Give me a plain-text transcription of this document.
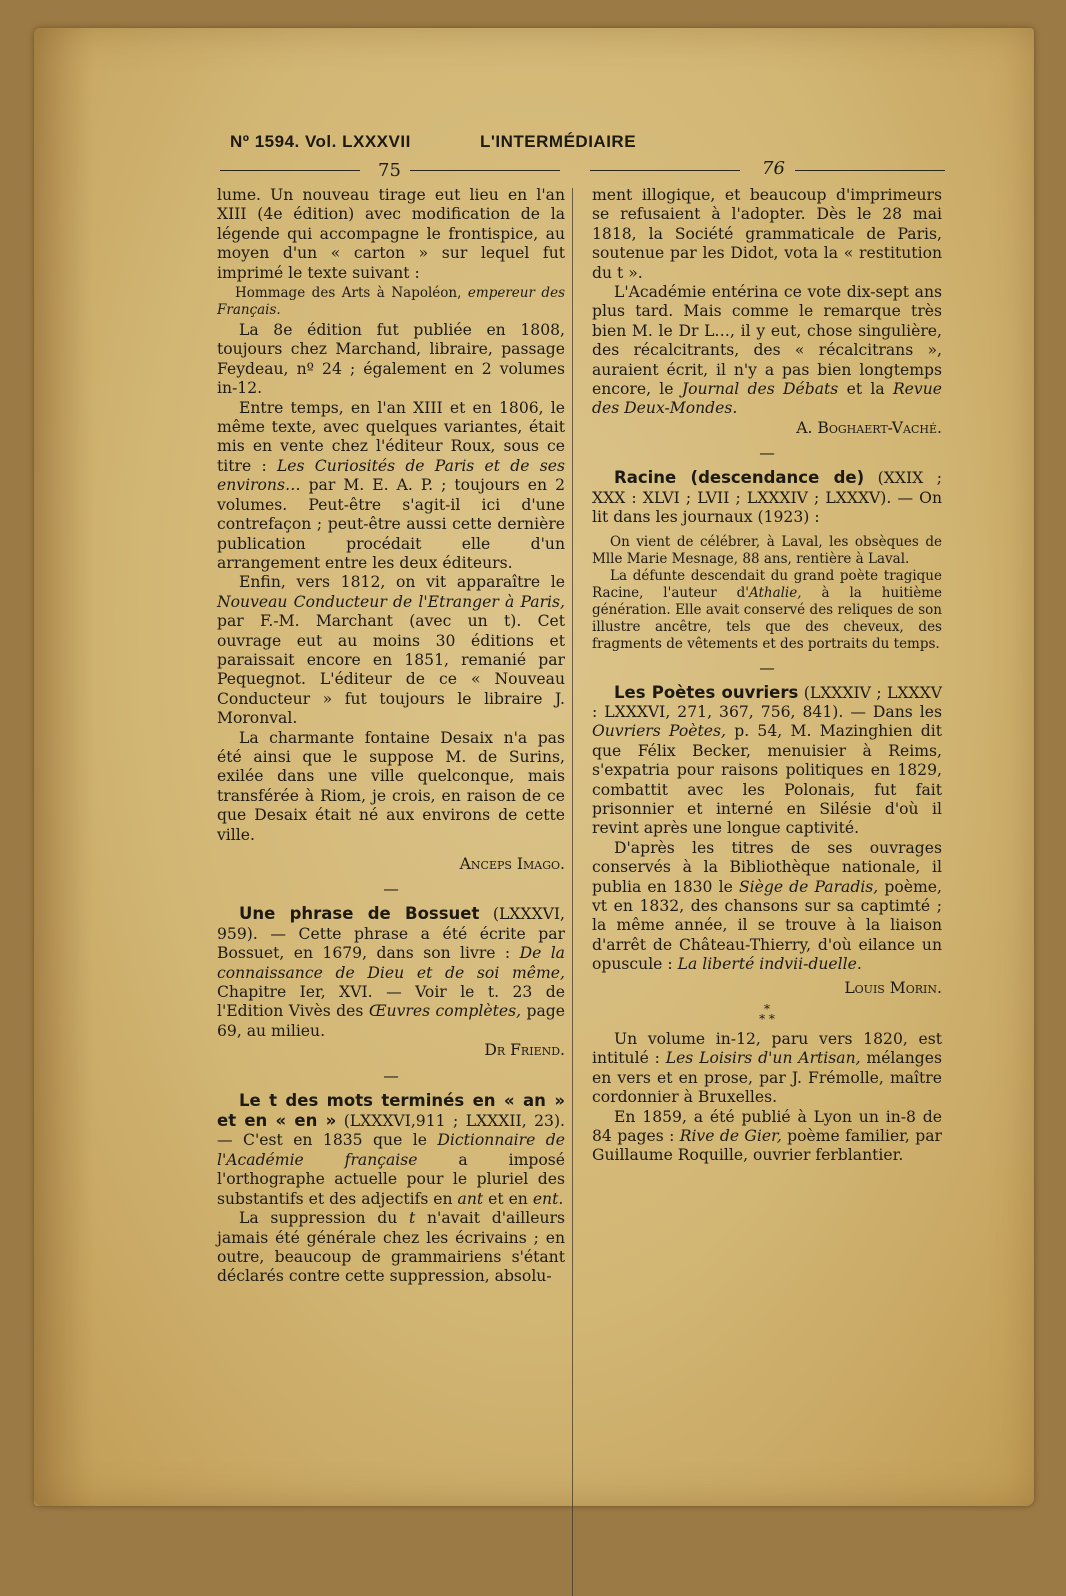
Nº 1594. Vol. LXXXVII	L'INTERMÉDIAIRE
75	76

lume. Un nouveau tirage eut lieu en l'an XIII (4e édition) avec modification de la légende qui accompagne le frontispice, au moyen d'un « carton » sur lequel fut imprimé le texte suivant :

Hommage des Arts à Napoléon, empereur des Français.

La 8e édition fut publiée en 1808, toujours chez Marchand, libraire, passage Feydeau, nº 24 ; également en 2 volumes in-12.

Entre temps, en l'an XIII et en 1806, le même texte, avec quelques variantes, était mis en vente chez l'éditeur Roux, sous ce titre : Les Curiosités de Paris et de ses environs… par M. E. A. P. ; toujours en 2 volumes. Peut-être s'agit-il ici d'une contrefaçon ; peut-être aussi cette dernière publication procédait elle d'un arrangement entre les deux éditeurs.

Enfin, vers 1812, on vit apparaître le Nouveau Conducteur de l'Etranger à Paris, par F.-M. Marchant (avec un t). Cet ouvrage eut au moins 30 éditions et paraissait encore en 1851, remanié par Pequegnot. L'éditeur de ce « Nouveau Conducteur » fut toujours le libraire J. Moronval.

La charmante fontaine Desaix n'a pas été ainsi que le suppose M. de Surins, exilée dans une ville quelconque, mais transférée à Riom, je crois, en raison de ce que Desaix était né aux environs de cette ville.

Anceps Imago.

—

Une phrase de Bossuet (LXXXVI, 959). — Cette phrase a été écrite par Bossuet, en 1679, dans son livre : De la connaissance de Dieu et de soi même, Chapitre Ier, XVI. — Voir le t. 23 de l'Edition Vivès des Œuvres complètes, page 69, au milieu.

Dr Friend.

—

Le t des mots terminés en « an » et en « en » (LXXXVI,911 ; LXXXII, 23). — C'est en 1835 que le Dictionnaire de l'Académie française	a imposé l'orthographe actuelle pour le pluriel des substantifs et des adjectifs en ant et en ent.

La suppression du t n'avait d'ailleurs jamais été générale chez les écrivains ; en outre, beaucoup de grammairiens s'étant déclarés contre cette suppression, absolu-

ment illogique, et beaucoup d'imprimeurs se refusaient à l'adopter. Dès le 28 mai 1818, la Société grammaticale de Paris, soutenue par les Didot, vota la « restitution du t ».

L'Académie entérina ce vote dix-sept ans plus tard. Mais comme le remarque très bien M. le Dr L…, il y eut, chose singulière, des récalcitrants, des « récalcitrans », auraient écrit, il n'y a pas bien longtemps encore, le Journal des Débats et la Revue des Deux-Mondes.

A. Boghaert-Vaché.

—

Racine (descendance de) (XXIX ; XXX : XLVI ; LVII ; LXXXIV ; LXXXV). — On lit dans les journaux (1923) :

On vient de célébrer, à Laval, les obsèques de Mlle Marie Mesnage, 88 ans, rentière à Laval.

La défunte descendait du grand poète tragique Racine, l'auteur d'Athalie, à la huitième génération. Elle avait conservé des reliques de son illustre ancêtre, tels que des cheveux, des fragments de vêtements et des portraits du temps.

—

Les Poètes ouvriers (LXXXIV ; LXXXV : LXXXVI, 271, 367, 756, 841). — Dans les Ouvriers Poètes, p. 54, M. Mazinghien dit que Félix Becker, menuisier à Reims, s'expatria pour raisons politiques en 1829, combattit avec les Polonais, fut fait prisonnier et interné en Silésie d'où il revint après une longue captivité.

D'après les titres de ses ouvrages conservés à la Bibliothèque nationale, il publia en 1830 le Siège de Paradis, poème, vt en 1832, des chansons sur sa captimté ; la même année, il se trouve à la liaison d'arrêt de Château-Thierry, d'où eilance un opuscule : La liberté indvii-duelle.

Louis Morin.

*
* *

Un volume in-12, paru vers 1820, est intitulé : Les Loisirs d'un Artisan, mélanges en vers et en prose, par J. Frémolle, maître cordonnier à Bruxelles.

En 1859, a été publié à Lyon un in-8 de 84 pages : Rive de Gier, poème familier, par Guillaume Roquille, ouvrier ferblantier.
